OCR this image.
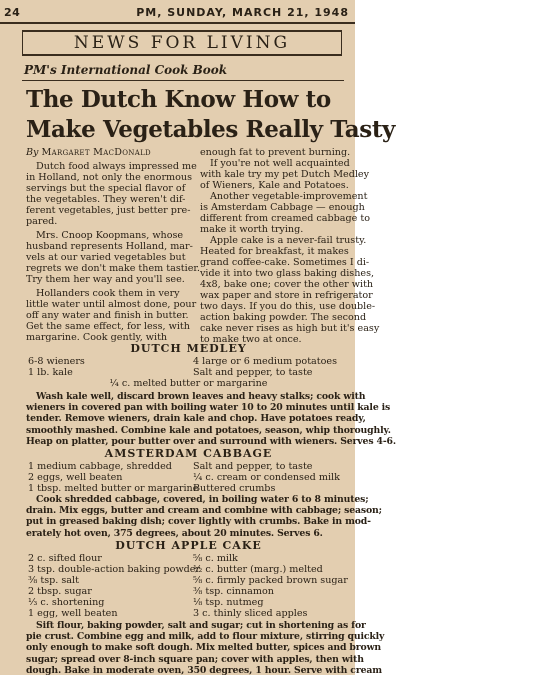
24	PM, SUNDAY, MARCH 21, 1948
NEWS FOR LIVING
PM's International Cook Book
The Dutch Know How to
Make Vegetables Really Tasty

By Margaret MacDonald

Dutch food always impressed me

in Holland, not only the enormous

servings but the special flavor of

the vegetables. They weren't dif-

ferent vegetables, just better pre-

pared.

Mrs. Cnoop Koopmans, whose

husband represents Holland, mar-

vels at our varied vegetables but

regrets we don't make them tastier.

Try them her way and you'll see.

Hollanders cook them in very

little water until almost done, pour

off any water and finish in butter.

Get the same effect, for less, with

margarine. Cook gently, with

enough fat to prevent burning.

If you're not well acquainted

with kale try my pet Dutch Medley

of Wieners, Kale and Potatoes.

Another vegetable-improvement

is Amsterdam Cabbage — enough

different from creamed cabbage to

make it worth trying.

Apple cake is a never-fail trusty.

Heated for breakfast, it makes

grand coffee-cake. Sometimes I di-

vide it into two glass baking dishes,

4x8, bake one; cover the other with

wax paper and store in refrigerator

two days. If you do this, use double-

action baking powder. The second

cake never rises as high but it's easy

to make two at once.

DUTCH MEDLEY
6-8 wieners
1 lb. kale
4 large or 6 medium potatoes
Salt and pepper, to taste
¼ c. melted butter or margarine
Wash kale well, discard brown leaves and heavy stalks; cook with
wieners in covered pan with boiling water 10 to 20 minutes until kale is
tender. Remove wieners, drain kale and chop. Have potatoes ready,
smoothly mashed. Combine kale and potatoes, season, whip thoroughly.
Heap on platter, pour butter over and surround with wieners. Serves 4-6.
AMSTERDAM CABBAGE
1 medium cabbage, shredded
2 eggs, well beaten
1 tbsp. melted butter or margarine
Salt and pepper, to taste
¼ c. cream or condensed milk
Buttered crumbs
Cook shredded cabbage, covered, in boiling water 6 to 8 minutes;
drain. Mix eggs, butter and cream and combine with cabbage; season;
put in greased baking dish; cover lightly with crumbs. Bake in mod-
erately hot oven, 375 degrees, about 20 minutes. Serves 6.
DUTCH APPLE CAKE
2 c. sifted flour
3 tsp. double-action baking powder
⅜ tsp. salt
2 tbsp. sugar
⅓ c. shortening
1 egg, well beaten
⅝ c. milk
½ c. butter (marg.) melted
⅝ c. firmly packed brown sugar
⅜ tsp. cinnamon
⅛ tsp. nutmeg
3 c. thinly sliced apples
Sift flour, baking powder, salt and sugar; cut in shortening as for
pie crust. Combine egg and milk, add to flour mixture, stirring quickly
only enough to make soft dough. Mix melted butter, spices and brown
sugar; spread over 8-inch square pan; cover with apples, then with
dough. Bake in moderate oven, 350 degrees, 1 hour. Serve with cream
